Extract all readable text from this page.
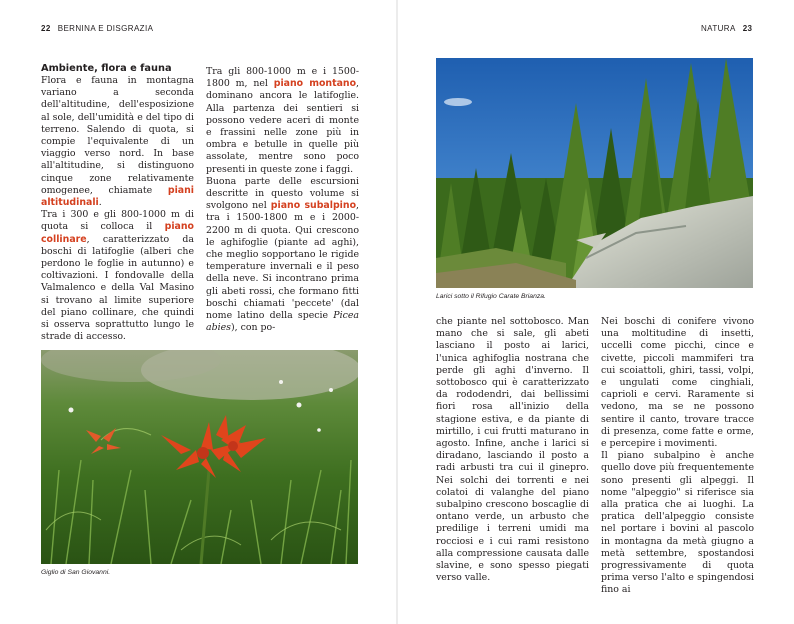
22 BERNINA E DISGRAZIA
Ambiente, flora e fauna

Flora e fauna in montagna variano a seconda dell'altitudine, dell'esposizione al sole, dell'umidità e del tipo di terreno. Salendo di quota, si compie l'equivalente di un viaggio verso nord. In base all'altitudine, si distinguono cinque zone relativamente omogenee, chiamate piani altitudinali.

Tra i 300 e gli 800-1000 m di quota si colloca il piano collinare, caratterizzato da boschi di latifoglie (alberi che perdono le foglie in autunno) e coltivazioni. I fondovalle della Valmalenco e della Val Masino si trovano al limite superiore del piano collinare, che quindi si osserva soprattutto lungo le strade di accesso.

Tra gli 800-1000 m e i 1500-1800 m, nel piano montano, dominano ancora le latifoglie. Alla partenza dei sentieri si possono vedere aceri di monte e frassini nelle zone più in ombra e betulle in quelle più assolate, mentre sono poco presenti in queste zone i faggi.

Buona parte delle escursioni descritte in questo volume si svolgono nel piano subalpino, tra i 1500-1800 m e i 2000-2200 m di quota. Qui crescono le aghifoglie (piante ad aghi), che meglio sopportano le rigide temperature invernali e il peso della neve. Si incontrano prima gli abeti rossi, che formano fitti boschi chiamati 'peccete' (dal nome latino della specie Picea abies), con po-

Giglio di San Giovanni.
NATURA 23
Larici sotto il Rifugio Carate Brianza.

che piante nel sottobosco. Man mano che si sale, gli abeti lasciano il posto ai larici, l'unica aghifoglia nostrana che perde gli aghi d'inverno. Il sottobosco qui è caratterizzato da rododendri, dai bellissimi fiori rosa all'inizio della stagione estiva, e da piante di mirtillo, i cui frutti maturano in agosto. Infine, anche i larici si diradano, lasciando il posto a radi arbusti tra cui il ginepro. Nei solchi dei torrenti e nei colatoi di valanghe del piano subalpino crescono boscaglie di ontano verde, un arbusto che predilige i terreni umidi ma rocciosi e i cui rami resistono alla compressione causata dalle slavine, e sono spesso piegati verso valle.

Nei boschi di conifere vivono una moltitudine di insetti, uccelli come picchi, cince e civette, piccoli mammiferi tra cui scoiattoli, ghiri, tassi, volpi, e ungulati come cinghiali, caprioli e cervi. Raramente si vedono, ma se ne possono sentire il canto, trovare tracce di presenza, come fatte e orme, e percepire i movimenti.

Il piano subalpino è anche quello dove più frequentemente sono presenti gli alpeggi. Il nome "alpeggio" si riferisce sia alla pratica che ai luoghi. La pratica dell'alpeggio consiste nel portare i bovini al pascolo in montagna da metà giugno a metà settembre, spostandosi progressivamente di quota prima verso l'alto e spingendosi fino ai
